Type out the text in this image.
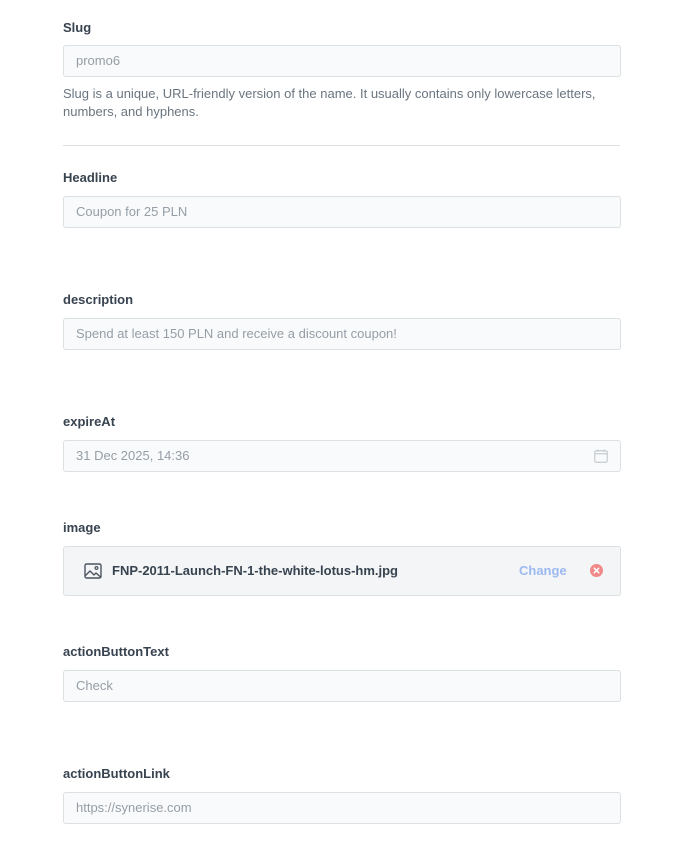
Slug
promo6
Slug is a unique, URL-friendly version of the name. It usually contains only lowercase letters, numbers, and hyphens.
Headline
Coupon for 25 PLN
description
Spend at least 150 PLN and receive a discount coupon!
expireAt
31 Dec 2025, 14:36
image
FNP-2011-Launch-FN-1-the-white-lotus-hm.jpg	Change
actionButtonText
Check
actionButtonLink
https://synerise.com
